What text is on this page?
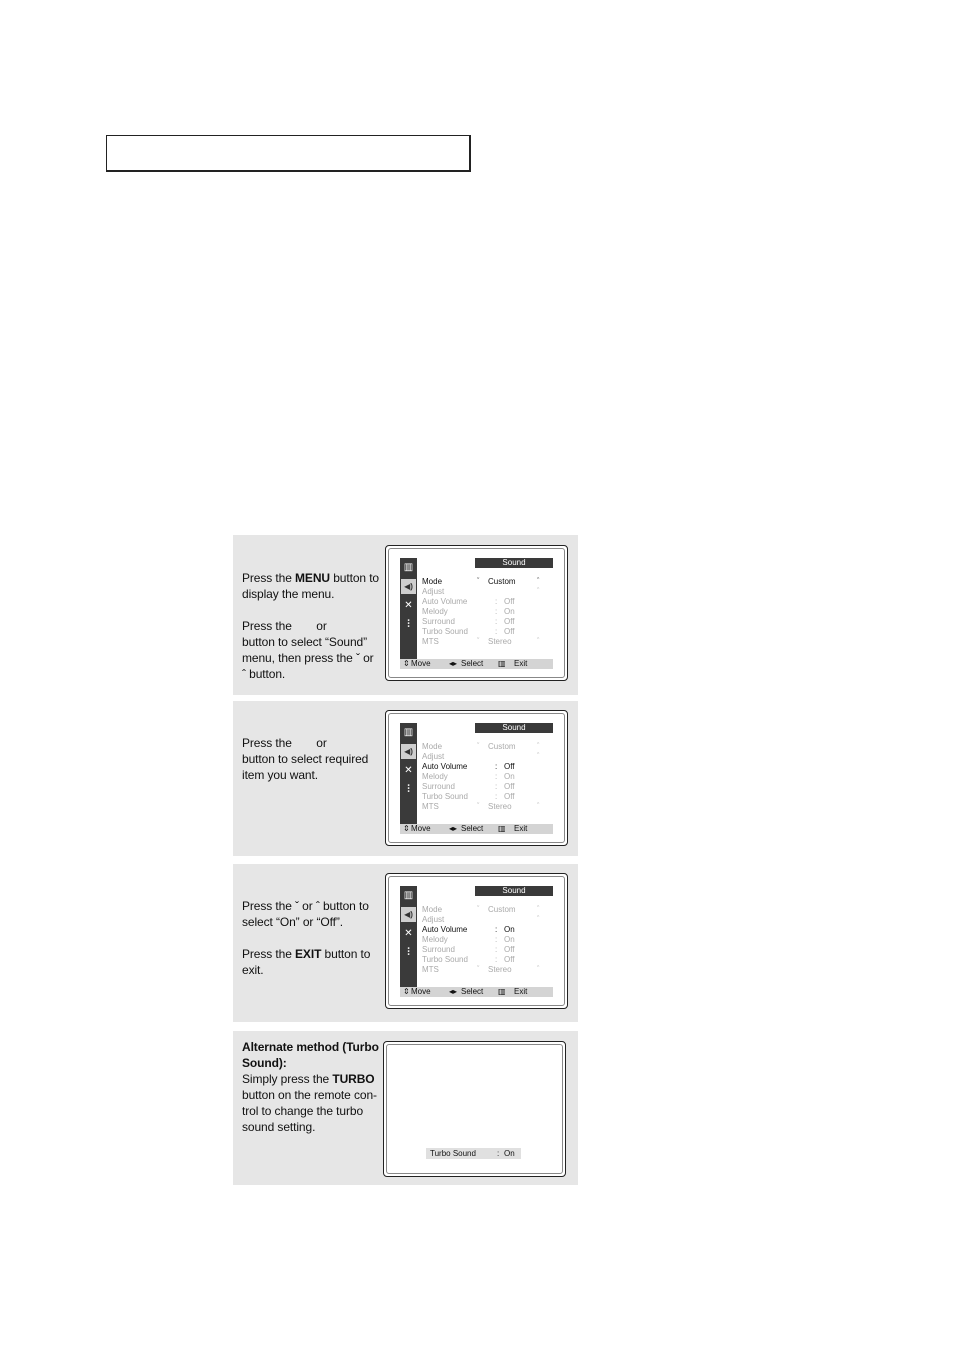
Press the MENU button to display the menu.

Press the  or  button to select “Sound” menu, then press the ˇ or ˆ button.

▥
◀)
✕
⫶
Sound
Mode	ˇ Custom	ˆ
Adjust	ˆ
Auto Volume	: Off
Melody	: On
Surround	: Off
Turbo Sound	: Off
MTS	ˇ Stereo	ˆ
⇕ Move ◂▸ Select ▥ Exit

Press the  or  button to select required item you want.

▥
◀)
✕
⫶
Sound
Mode	ˇ Custom	ˆ
Adjust	ˆ
Auto Volume	: Off
Melody	: On
Surround	: Off
Turbo Sound	: Off
MTS	ˇ Stereo	ˆ
⇕ Move ◂▸ Select ▥ Exit

Press the ˇ or ˆ button to select “On” or “Off”.

Press the EXIT button to exit.

▥
◀)
✕
⫶
Sound
Mode	ˇ Custom	ˆ
Adjust	ˆ
Auto Volume	: On
Melody	: On
Surround	: Off
Turbo Sound	: Off
MTS	ˇ Stereo	ˆ
⇕ Move ◂▸ Select ▥ Exit

Alternate method (Turbo Sound):
Simply press the TURBO button on the remote con-trol to change the turbo sound setting.

Turbo Sound	: On
